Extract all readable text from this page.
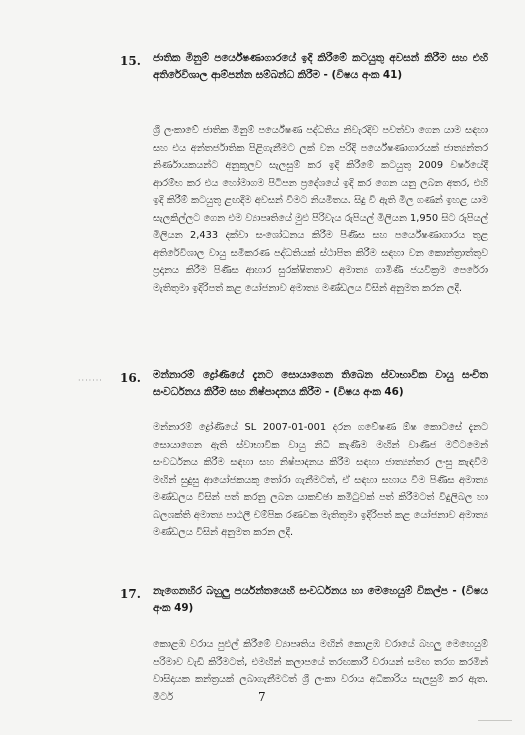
·······
15. ජාතික මිනුම් පර්යේෂණාගාරයේ ඉදි කිරීමේ කටයුතු අවසන් කිරීම සහ එහි අතිරේවිශාල ආම්පන්න සම්බන්ධ කිරීම - (විෂය අංක 41)
ශ්‍රී ලංකාවේ ජාතික මිනුම් පර්යේෂණ පද්ධතිය නිවැරදිව පවත්වා ගෙන යාම සඳහා සහ එය අන්තර්ජාතික පිළිගැනීමට ලක් වන පරිදි පර්යේෂණාගාරයක් ජාත්‍යන්තර නිර්ණායකයන්ට අනුකූලව සැලසුම් කර ඉදි කිරීමේ කටයුතු 2009 වර්ෂයේදී ආරම්භ කර එය හෝමාගම පිටිපන ප්‍රදේශයේ ඉදි කර ගෙන යනු ලබන අතර, එහි ඉදි කිරීම් කටයුතු ළඟදීම අවසන් වීමට නියමිතය. සිදු වී ඇති මිල ගණන් ඉහළ යාම සැලකිල්ලට ගෙන එම ව්‍යාපෘතියේ මුළු පිරිවැය රුපියල් මිලියන 1,950 සිට රුපියල් මිලියන 2,433 දක්වා සංශෝධනය කිරීම පිණිස සහ පර්යේෂණාගාරය තුළ අතිරේවිශාල වායු සමීකරණ පද්ධතියක් ස්ථාපිත කිරීම සඳහා වන කොන්ත්‍රාත්තුව ප්‍රදානය කිරීම පිණිස ආහාර සුරක්ෂිතතාව අමාත්‍ය ගාමිණී ජයවික්‍රම පෙරේරා මැතිතුමා ඉදිරිපත් කළ යෝජනාව අමාත්‍ය මණ්ඩලය විසින් අනුමත කරන ලදී.
16. මන්නාරම් ද්‍රෝණියේ දැනට සොයාගෙන තිබෙන ස්වාභාවික වායු සංචිත සංවර්ධනය කිරීම සහ නිෂ්පාදනය කිරීම - (විෂය අංක 46)
මන්නාරම් ද්‍රෝණියේ SL 2007-01-001 දරන ගවේෂණ ඕෂ කොටසේ දැනට සොයාගෙන ඇති ස්වාභාවික වායු නිධි කැණීම මඟින් වාණිජ මට්ටමෙන් සංවර්ධනය කිරීම සඳහා සහ නිෂ්පාදනය කිරීම සඳහා ජාත්‍යන්තර ලංසු කැඳවීම මඟින් සුදුසු ආයෝජකයකු තෝරා ගැනීමටත්, ඒ සඳහා සහාය වීම පිණිස අමාත්‍ය මණ්ඩලය විසින් පත් කරනු ලබන යාකච්ඡා කමිටුවක් පත් කිරීමටත් විදුලිබල හා බලශක්ති අමාත්‍ය පාඨලී චම්පික රණවක මැතිතුමා ඉදිරිපත් කළ යෝජනාව අමාත්‍ය මණ්ඩලය විසින් අනුමත කරන ලදී.
17. නැගෙනහිර බහුලු පර්යන්තයෙහි සංවර්ධනය හා මෙහෙයුම් විකල්ප - (විෂය අංක 49)
කොළඹ වරාය පුළුල් කිරීමේ ව්‍යාපෘතිය මඟින් කොළඹ වරායේ බහලු මෙහෙයුම් පරිමාව වැඩි කිරීමටත්, එමඟින් කලාපයේ තරඟකාරී වරායන් සමඟ තරග කරමින් වාසිදායක කන්ත්‍රයක් ලබාගැනීමටත් ශ්‍රී ලංකා වරාය අධිකාරිය සැලසුම් කර ඇත. මීටර්	7
